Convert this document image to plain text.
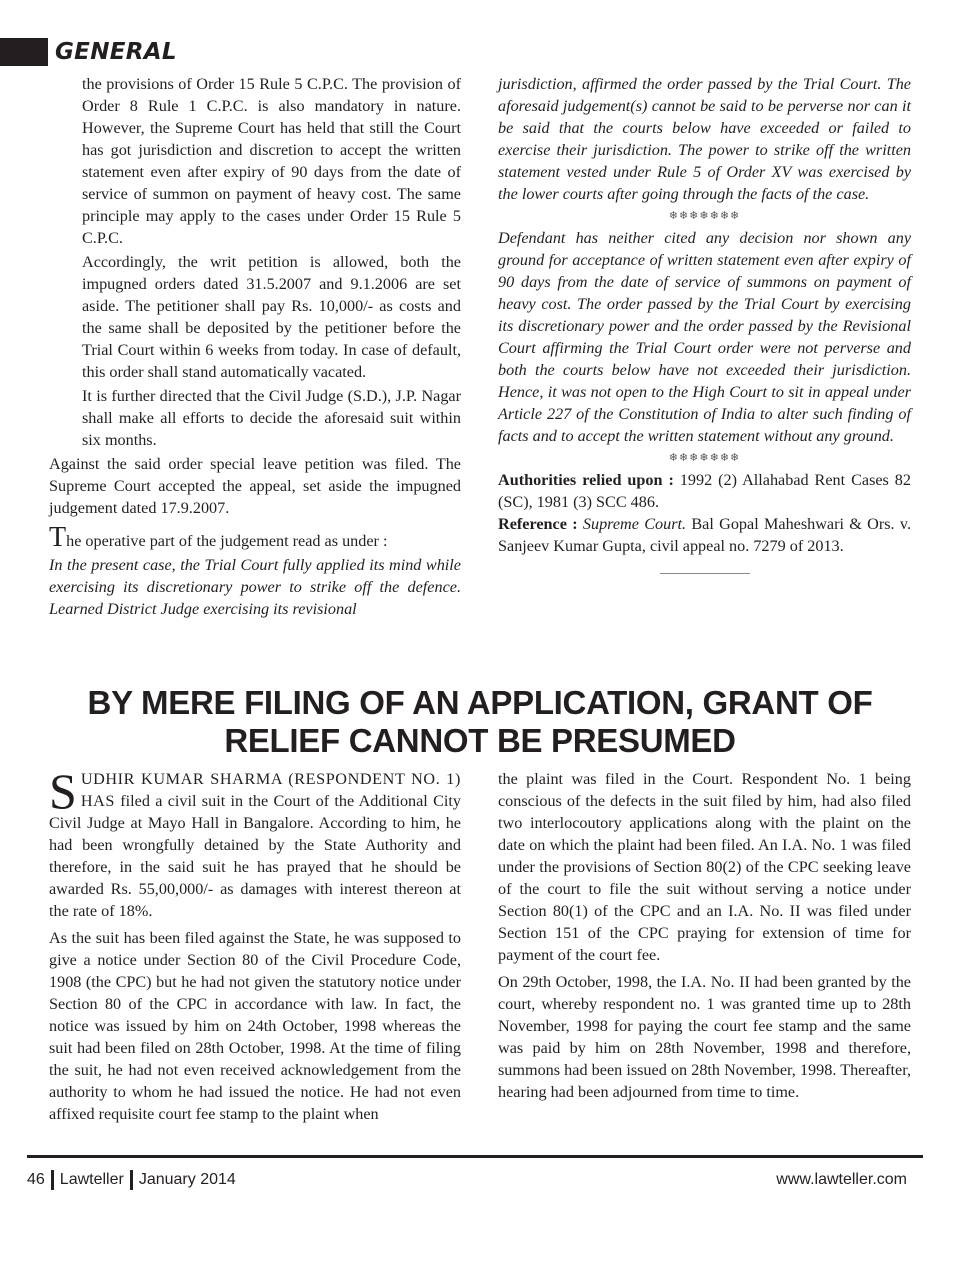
GENERAL

the provisions of Order 15 Rule 5 C.P.C. The provision of Order 8 Rule 1 C.P.C. is also mandatory in nature. However, the Supreme Court has held that still the Court has got jurisdiction and discretion to accept the written statement even after expiry of 90 days from the date of service of summon on payment of heavy cost. The same principle may apply to the cases under Order 15 Rule 5 C.P.C.

Accordingly, the writ petition is allowed, both the impugned orders dated 31.5.2007 and 9.1.2006 are set aside. The petitioner shall pay Rs. 10,000/- as costs and the same shall be deposited by the petitioner before the Trial Court within 6 weeks from today. In case of default, this order shall stand automatically vacated.

It is further directed that the Civil Judge (S.D.), J.P. Nagar shall make all efforts to decide the aforesaid suit within six months.

Against the said order special leave petition was filed. The Supreme Court accepted the appeal, set aside the impugned judgement dated 17.9.2007.

The operative part of the judgement read as under :

In the present case, the Trial Court fully applied its mind while exercising its discretionary power to strike off the defence. Learned District Judge exercising its revisional

jurisdiction, affirmed the order passed by the Trial Court. The aforesaid judgement(s) cannot be said to be perverse nor can it be said that the courts below have exceeded or failed to exercise their jurisdiction. The power to strike off the written statement vested under Rule 5 of Order XV was exercised by the lower courts after going through the facts of the case.

❄❄❄❄❄❄❄

Defendant has neither cited any decision nor shown any ground for acceptance of written statement even after expiry of 90 days from the date of service of summons on payment of heavy cost. The order passed by the Trial Court by exercising its discretionary power and the order passed by the Revisional Court affirming the Trial Court order were not perverse and both the courts below have not exceeded their jurisdiction. Hence, it was not open to the High Court to sit in appeal under Article 227 of the Constitution of India to alter such finding of facts and to accept the written statement without any ground.

❄❄❄❄❄❄❄

Authorities relied upon : 1992 (2) Allahabad Rent Cases 82 (SC), 1981 (3) SCC 486.

Reference : Supreme Court. Bal Gopal Maheshwari & Ors. v. Sanjeev Kumar Gupta, civil appeal no. 7279 of 2013.

BY MERE FILING OF AN APPLICATION, GRANT OF RELIEF CANNOT BE PRESUMED

SUDHIR KUMAR SHARMA (RESPONDENT NO. 1) HAS filed a civil suit in the Court of the Additional City Civil Judge at Mayo Hall in Bangalore. According to him, he had been wrongfully detained by the State Authority and therefore, in the said suit he has prayed that he should be awarded Rs. 55,00,000/- as damages with interest thereon at the rate of 18%.

As the suit has been filed against the State, he was supposed to give a notice under Section 80 of the Civil Procedure Code, 1908 (the CPC) but he had not given the statutory notice under Section 80 of the CPC in accordance with law. In fact, the notice was issued by him on 24th October, 1998 whereas the suit had been filed on 28th October, 1998. At the time of filing the suit, he had not even received acknowledgement from the authority to whom he had issued the notice. He had not even affixed requisite court fee stamp to the plaint when

the plaint was filed in the Court. Respondent No. 1 being conscious of the defects in the suit filed by him, had also filed two interlocoutory applications along with the plaint on the date on which the plaint had been filed. An I.A. No. 1 was filed under the provisions of Section 80(2) of the CPC seeking leave of the court to file the suit without serving a notice under Section 80(1) of the CPC and an I.A. No. II was filed under Section 151 of the CPC praying for extension of time for payment of the court fee.

On 29th October, 1998, the I.A. No. II had been granted by the court, whereby respondent no. 1 was granted time up to 28th November, 1998 for paying the court fee stamp and the same was paid by him on 28th November, 1998 and therefore, summons had been issued on 28th November, 1998. Thereafter, hearing had been adjourned from time to time.

46 Lawteller January 2014	www.lawteller.com
